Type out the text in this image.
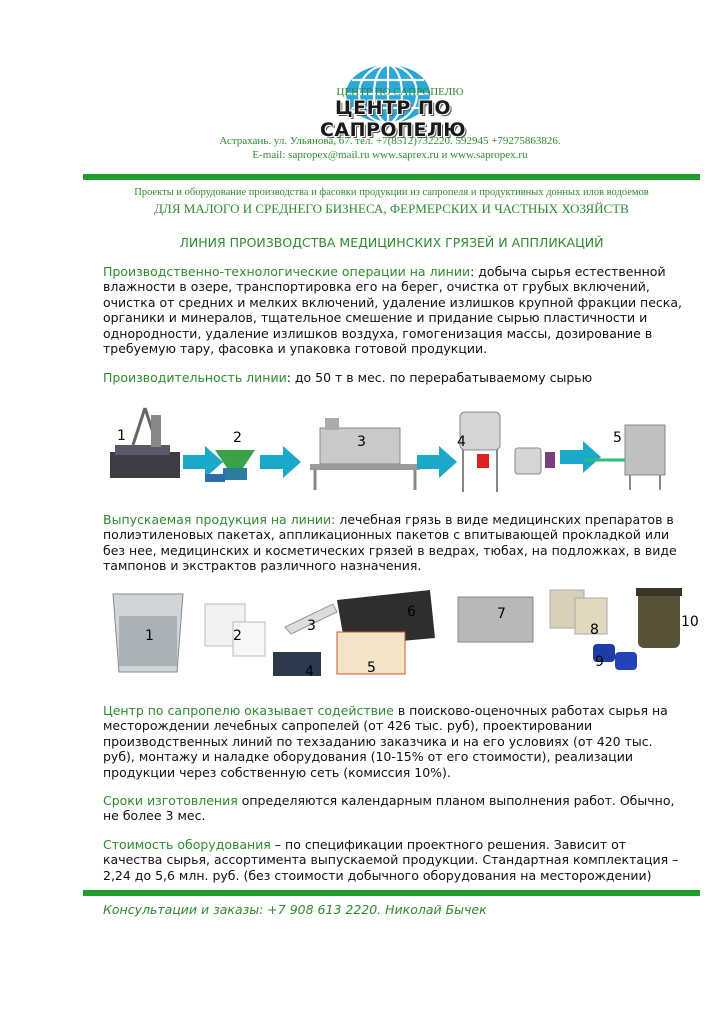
ЦЕНТР ПО САПРОПЕЛЮ
ЦЕНТР ПО САПРОПЕЛЮ
Астрахань. ул. Ульянова, 67. тел. +7(8512)732220. 592945 +79275863826.
E-mail: sapropex@mail.ru www.saprex.ru и www.sapropex.ru
Проекты и оборудование производства и фасовки продукции из сапропеля и продуктивных донных илов водоемов
ДЛЯ МАЛОГО И СРЕДНЕГО БИЗНЕСА, ФЕРМЕРСКИХ И ЧАСТНЫХ ХОЗЯЙСТВ
ЛИНИЯ ПРОИЗВОДСТВА МЕДИЦИНСКИХ ГРЯЗЕЙ И АППЛИКАЦИЙ
Производственно-технологические операции на линии: добыча сырья естественной влажности в озере, транспортировка его на берег, очистка от грубых включений, очистка от средних и мелких включений, удаление излишков крупной фракции песка, органики и минералов, тщательное смешение и придание сырью пластичности и однородности, удаление излишков воздуха, гомогенизация массы, дозирование в требуемую тару, фасовка и упаковка готовой продукции.
Производительность линии: до 50 т в мес. по перерабатываемому сырью
1	2	3	4	5
Выпускаемая продукция на линии: лечебная грязь в виде медицинских препаратов в полиэтиленовых пакетах, аппликационных пакетов с впитывающей прокладкой или без нее, медицинских и косметических грязей в ведрах, тюбах, на подложках, в виде тампонов и экстрактов различного назначения.
1	2
3
4	5
6	7
8
9
10
Центр по сапропелю оказывает содействие в поисково-оценочных работах сырья на месторождении лечебных сапропелей (от 426 тыс. руб), проектировании производственных линий по техзаданию заказчика и на его условиях (от 420 тыс. руб), монтажу и наладке оборудования (10-15% от его стоимости), реализации продукции через собственную сеть (комиссия 10%).
Сроки изготовления определяются календарным планом выполнения работ. Обычно, не более 3 мес.
Стоимость оборудования – по спецификации проектного решения. Зависит от качества сырья, ассортимента выпускаемой продукции. Стандартная комплектация – 2,24 до 5,6 млн. руб. (без стоимости добычного оборудования на месторождении)
Консультации и заказы: +7 908 613 2220. Николай Бычек
